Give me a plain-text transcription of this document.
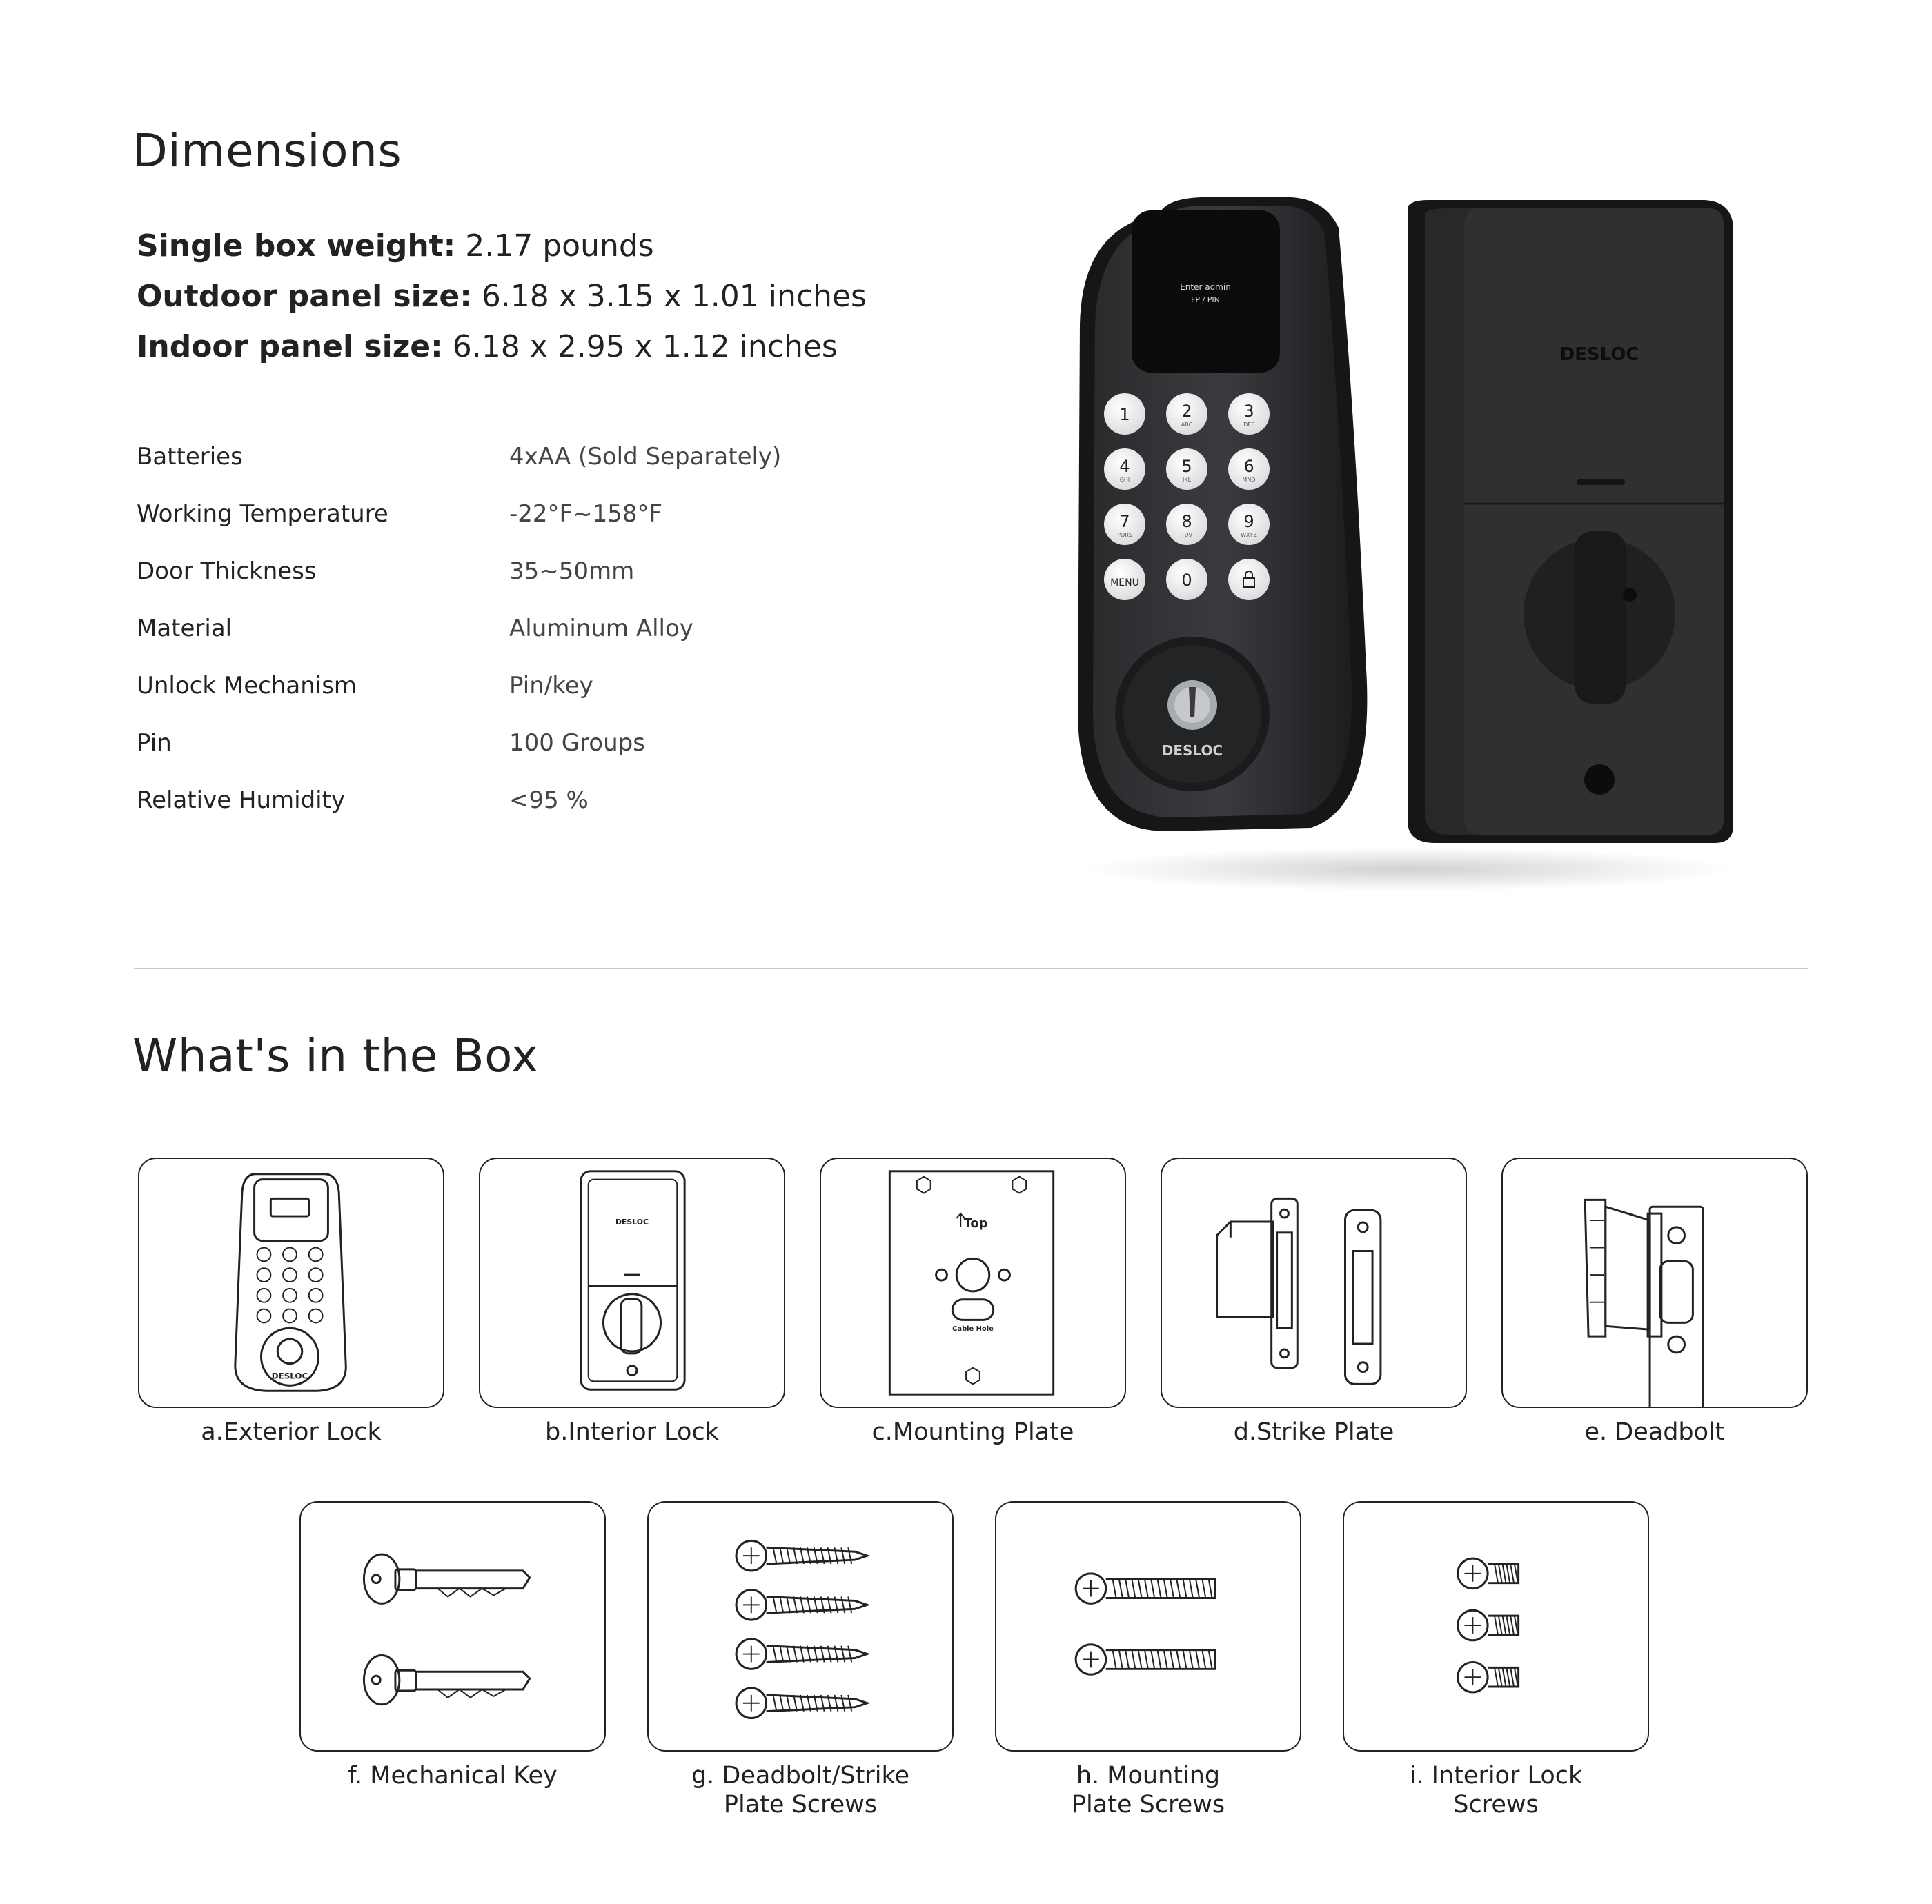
Dimensions
Single box weight: 2.17 pounds
Outdoor panel size: 6.18 x 3.15 x 1.01 inches
Indoor panel size: 6.18 x 2.95 x 1.12 inches
Batteries	4xAA (Sold Separately)
Working Temperature	-22°F~158°F
Door Thickness	35~50mm
Material	Aluminum Alloy
Unlock Mechanism	Pin/key
Pin	100 Groups
Relative Humidity	<95 %
Enter admin
FP / PIN
1	2
ABC
3
DEF
4
GHI
5
JKL
6
MNO
7
PQRS
8
TUV
9
WXYZ
MENU	0
DESLOC
DESLOC
What's in the Box
DESLOC
DESLOC	Top
Cable Hole
a.Exterior Lock	b.Interior Lock	c.Mounting Plate	d.Strike Plate	e. Deadbolt
f. Mechanical Key	g. Deadbolt/Strike
Plate Screws
h. Mounting
Plate Screws
i. Interior Lock
Screws
